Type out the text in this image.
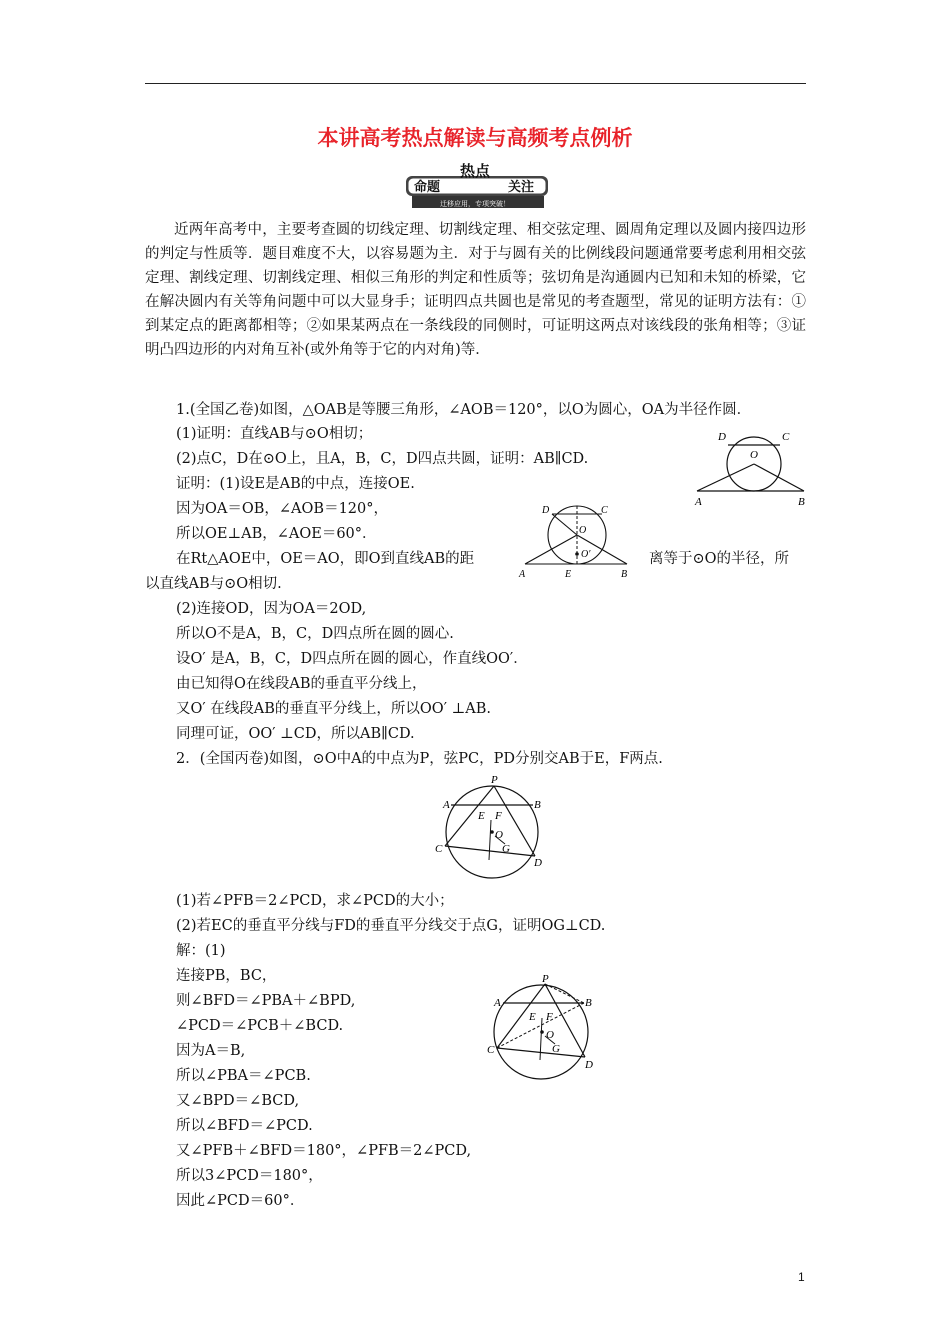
本讲高考热点解读与高频考点例析
命题
热点
关注
迁移应用，专项突破！
近两年高考中，主要考查圆的切线定理、切割线定理、相交弦定理、圆周角定理以及圆内接四边形的判定与性质等．题目难度不大，以容易题为主．对于与圆有关的比例线段问题通常要考虑利用相交弦定理、割线定理、切割线定理、相似三角形的判定和性质等；弦切角是沟通圆内已知和未知的桥梁，它在解决圆内有关等角问题中可以大显身手；证明四点共圆也是常见的考查题型，常见的证明方法有：①到某定点的距离都相等；②如果某两点在一条线段的同侧时，可证明这两点对该线段的张角相等；③证明凸四边形的内对角互补(或外角等于它的内对角)等．
1.(全国乙卷)如图，△OAB是等腰三角形，∠AOB＝120°，以O为圆心，OA为半径作圆．
(1)证明：直线AB与⊙O相切；
(2)点C，D在⊙O上，且A，B，C，D四点共圆，证明：AB∥CD.
证明：(1)设E是AB的中点，连接OE.
因为OA＝OB，∠AOB＝120°，
所以OE⊥AB，∠AOE＝60°．
在Rt△AOE中，OE＝AO，即O到直线AB的距	离等于⊙O的半径，所
以直线AB与⊙O相切.
(2)连接OD，因为OA＝2OD,
所以O不是A，B，C，D四点所在圆的圆心.
设O′ 是A，B，C，D四点所在圆的圆心，作直线OO′．
由已知得O在线段AB的垂直平分线上，
又O′ 在线段AB的垂直平分线上，所以OO′ ⊥AB.
同理可证，OO′ ⊥CD，所以AB∥CD.
2．(全国丙卷)如图，⊙O中A的中点为P，弦PC，PD分别交AB于E，F两点.
(1)若∠PFB＝2∠PCD，求∠PCD的大小；
(2)若EC的垂直平分线与FD的垂直平分线交于点G，证明OG⊥CD.
解：(1)
连接PB，BC，
则∠BFD＝∠PBA＋∠BPD,
∠PCD＝∠PCB＋∠BCD.
因为A＝B,
所以∠PBA＝∠PCB.
又∠BPD＝∠BCD,
所以∠BFD＝∠PCD.
又∠PFB＋∠BFD＝180°，∠PFB＝2∠PCD,
所以3∠PCD＝180°，
因此∠PCD＝60°．
D	C
O
A	B
D	C
O
O′
A	E	B
P
A	B
E F
O
G
C
D
P
A	B
E F
O
G
C
D
1
